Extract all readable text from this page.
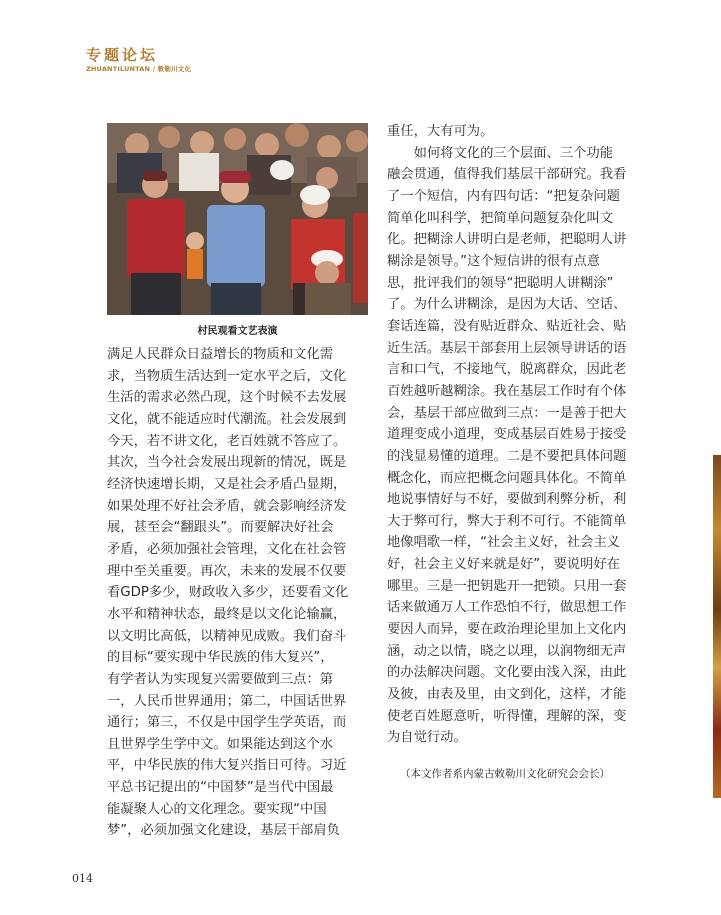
专题论坛
ZHUANTILUNTAN / 敕勒川文化
村民观看文艺表演
满足人民群众日益增长的物质和文化需
求，当物质生活达到一定水平之后，文化
生活的需求必然凸现，这个时候不去发展
文化，就不能适应时代潮流。社会发展到
今天，若不讲文化，老百姓就不答应了。
其次，当今社会发展出现新的情况，既是
经济快速增长期，又是社会矛盾凸显期，
如果处理不好社会矛盾，就会影响经济发
展，甚至会“翻跟头”。而要解决好社会
矛盾，必须加强社会管理，文化在社会管
理中至关重要。再次，未来的发展不仅要
看GDP多少，财政收入多少，还要看文化
水平和精神状态，最终是以文化论输赢，
以文明比高低，以精神见成败。我们奋斗
的目标“要实现中华民族的伟大复兴”，
有学者认为实现复兴需要做到三点：第
一，人民币世界通用；第二，中国话世界
通行；第三，不仅是中国学生学英语，而
且世界学生学中文。如果能达到这个水
平，中华民族的伟大复兴指日可待。习近
平总书记提出的“中国梦”是当代中国最
能凝聚人心的文化理念。要实现“中国
梦”，必须加强文化建设，基层干部肩负
重任，大有可为。
　　如何将文化的三个层面、三个功能
融会贯通，值得我们基层干部研究。我看
了一个短信，内有四句话：“把复杂问题
简单化叫科学，把简单问题复杂化叫文
化。把糊涂人讲明白是老师，把聪明人讲
糊涂是领导。”这个短信讲的很有点意
思，批评我们的领导“把聪明人讲糊涂”
了。为什么讲糊涂，是因为大话、空话、
套话连篇，没有贴近群众、贴近社会、贴
近生活。基层干部套用上层领导讲话的语
言和口气，不接地气，脱离群众，因此老
百姓越听越糊涂。我在基层工作时有个体
会，基层干部应做到三点：一是善于把大
道理变成小道理，变成基层百姓易于接受
的浅显易懂的道理。二是不要把具体问题
概念化，而应把概念问题具体化。不简单
地说事情好与不好，要做到利弊分析，利
大于弊可行，弊大于利不可行。不能简单
地像唱歌一样，“社会主义好，社会主义
好，社会主义好来就是好”，要说明好在
哪里。三是一把钥匙开一把锁。只用一套
话来做通万人工作恐怕不行，做思想工作
要因人而异，要在政治理论里加上文化内
涵，动之以情，晓之以理，以润物细无声
的办法解决问题。文化要由浅入深，由此
及彼，由表及里，由文到化，这样，才能
使老百姓愿意听，听得懂，理解的深，变
为自觉行动。
（本文作者系内蒙古敕勒川文化研究会会长）
014
